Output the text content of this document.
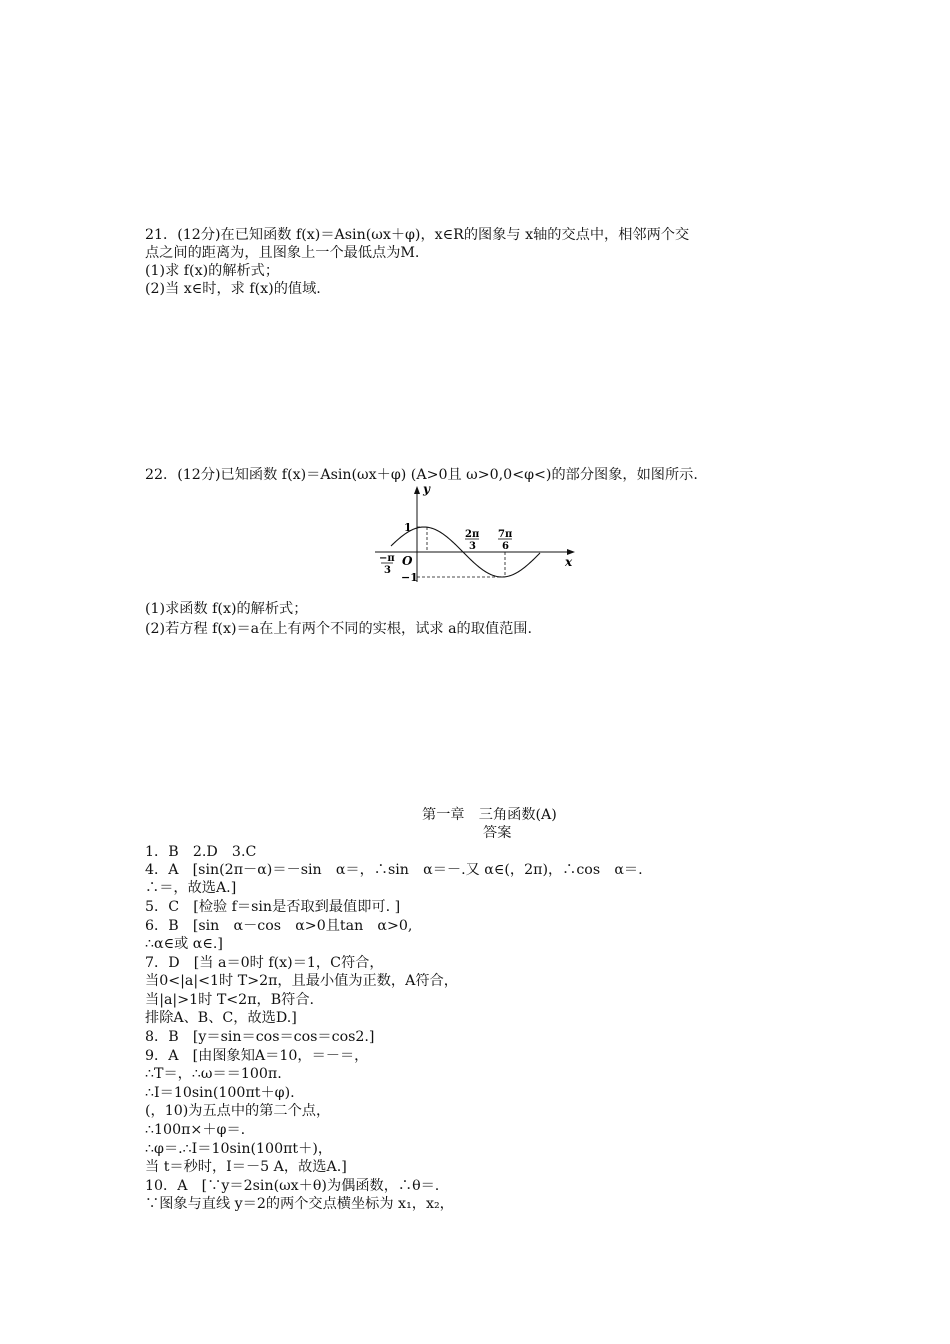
21．(12分)在已知函数 f(x)＝Asin(ωx＋φ)，x∈R的图象与 x轴的交点中，相邻两个交
点之间的距离为，且图象上一个最低点为M.
(1)求 f(x)的解析式；
(2)当 x∈时，求 f(x)的值域.
22．(12分)已知函数 f(x)＝Asin(ωx＋φ) (A>0且 ω>0,0<φ<)的部分图象，如图所示.
y
x
O
1
−1
−π
3
2π
3
7π
6
(1)求函数 f(x)的解析式；
(2)若方程 f(x)＝a在上有两个不同的实根，试求 a的取值范围.
第一章　三角函数(A)
答案
1．B　2.D　3.C
4．A　[sin(2π－α)＝－sin　α＝，∴sin　α＝－.又 α∈(，2π)，∴cos　α＝.
∴＝，故选A.]
5．C　[检验 f＝sin是否取到最值即可. ]
6．B　[sin　α－cos　α>0且tan　α>0,
∴α∈或 α∈.]
7．D　[当 a＝0时 f(x)＝1，C符合，
当0<|a|<1时 T>2π，且最小值为正数，A符合，
当|a|>1时 T<2π，B符合.
排除A、B、C，故选D.]
8．B　[y＝sin＝cos＝cos＝cos2.]
9．A　[由图象知A＝10，＝－＝，
∴T＝，∴ω＝＝100π.
∴I＝10sin(100πt＋φ).
(，10)为五点中的第二个点，
∴100π×＋φ＝.
∴φ＝.∴I＝10sin(100πt＋)，
当 t＝秒时，I＝－5 A，故选A.]
10．A　[∵y＝2sin(ωx＋θ)为偶函数，∴θ＝.
∵图象与直线 y＝2的两个交点横坐标为 x₁，x₂，
